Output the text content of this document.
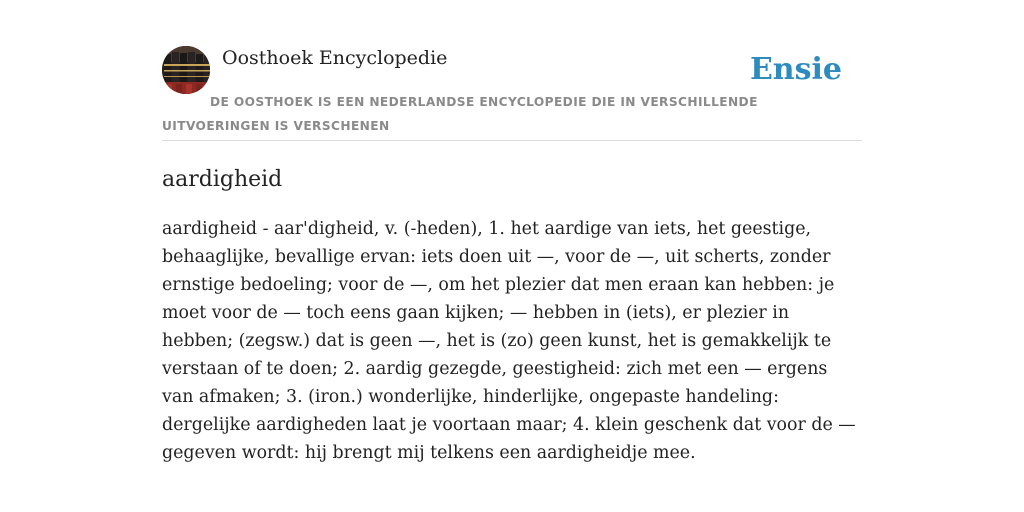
Oosthoek Encyclopedie	Ensie
DE OOSTHOEK IS EEN NEDERLANDSE ENCYCLOPEDIE DIE IN VERSCHILLENDE UITVOERINGEN IS VERSCHENEN
aardigheid

aardigheid - aar'digheid, v. (-heden), 1. het aardige van iets, het geestige, behaaglijke, bevallige ervan: iets doen uit —, voor de —, uit scherts, zonder ernstige bedoeling; voor de —, om het plezier dat men eraan kan hebben: je moet voor de — toch eens gaan kijken; — hebben in (iets), er plezier in hebben; (zegsw.) dat is geen —, het is (zo) geen kunst, het is gemakkelijk te verstaan of te doen; 2. aardig gezegde, geestigheid: zich met een — ergens van afmaken; 3. (iron.) wonderlijke, hinderlijke, ongepaste handeling: dergelijke aardigheden laat je voortaan maar; 4. klein geschenk dat voor de — gegeven wordt: hij brengt mij telkens een aardigheidje mee.
